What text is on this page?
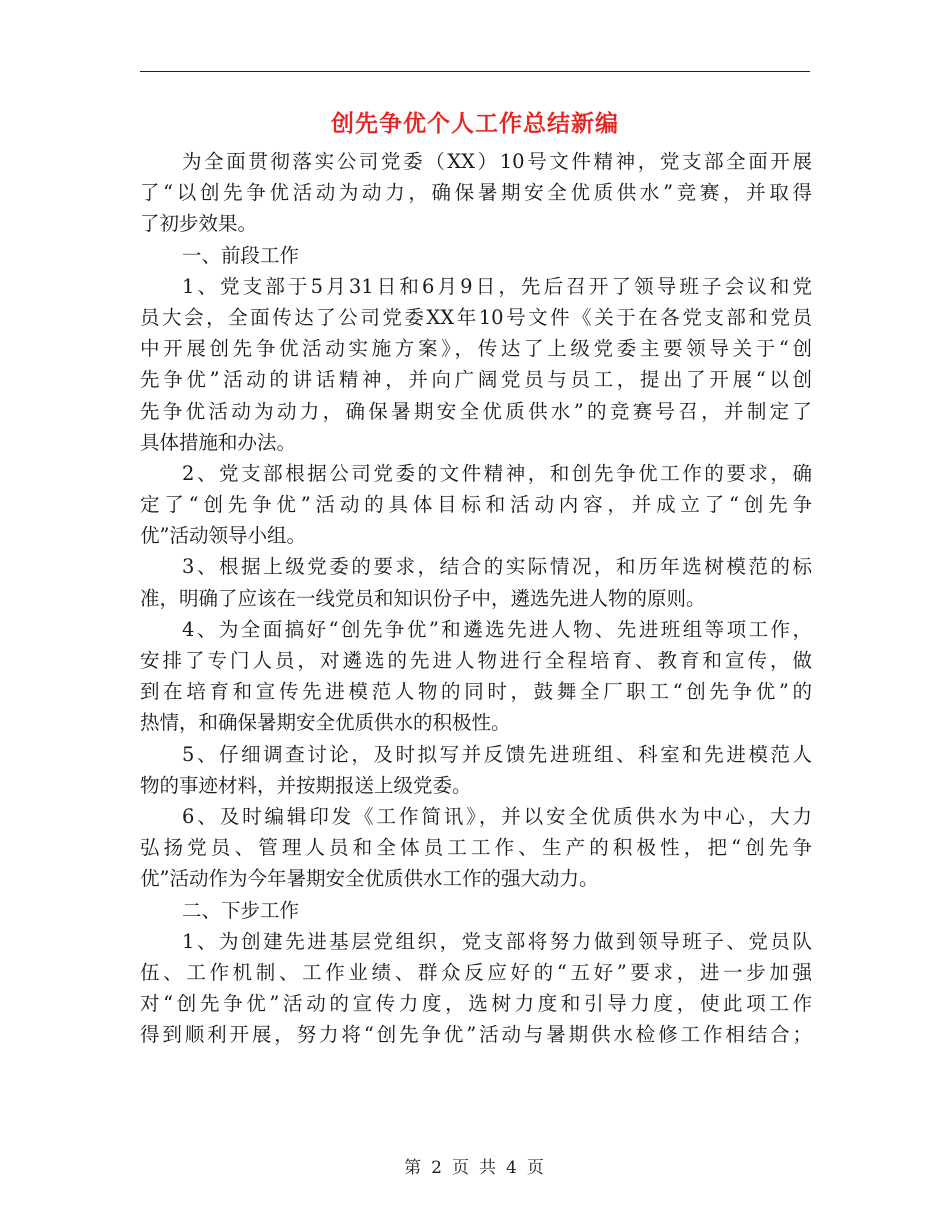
创先争优个人工作总结新编
为全面贯彻落实公司党委（XX）10号文件精神，党支部全面开展
了“以创先争优活动为动力，确保暑期安全优质供水”竞赛，并取得
了初步效果。
一、前段工作
1、党支部于5月31日和6月9日，先后召开了领导班子会议和党
员大会，全面传达了公司党委XX年10号文件《关于在各党支部和党员
中开展创先争优活动实施方案》，传达了上级党委主要领导关于“创
先争优”活动的讲话精神，并向广阔党员与员工，提出了开展“以创
先争优活动为动力，确保暑期安全优质供水”的竞赛号召，并制定了
具体措施和办法。
2、党支部根据公司党委的文件精神，和创先争优工作的要求，确
定了“创先争优”活动的具体目标和活动内容，并成立了“创先争
优”活动领导小组。
3、根据上级党委的要求，结合的实际情况，和历年选树模范的标
准，明确了应该在一线党员和知识份子中，遴选先进人物的原则。
4、为全面搞好“创先争优”和遴选先进人物、先进班组等项工作，
安排了专门人员，对遴选的先进人物进行全程培育、教育和宣传，做
到在培育和宣传先进模范人物的同时，鼓舞全厂职工“创先争优”的
热情，和确保暑期安全优质供水的积极性。
5、仔细调查讨论，及时拟写并反馈先进班组、科室和先进模范人
物的事迹材料，并按期报送上级党委。
6、及时编辑印发《工作简讯》，并以安全优质供水为中心，大力
弘扬党员、管理人员和全体员工工作、生产的积极性，把“创先争
优”活动作为今年暑期安全优质供水工作的强大动力。
二、下步工作
1、为创建先进基层党组织，党支部将努力做到领导班子、党员队
伍、工作机制、工作业绩、群众反应好的“五好”要求，进一步加强
对“创先争优”活动的宣传力度，选树力度和引导力度，使此项工作
得到顺利开展，努力将“创先争优”活动与暑期供水检修工作相结合；
第 2 页 共 4 页
